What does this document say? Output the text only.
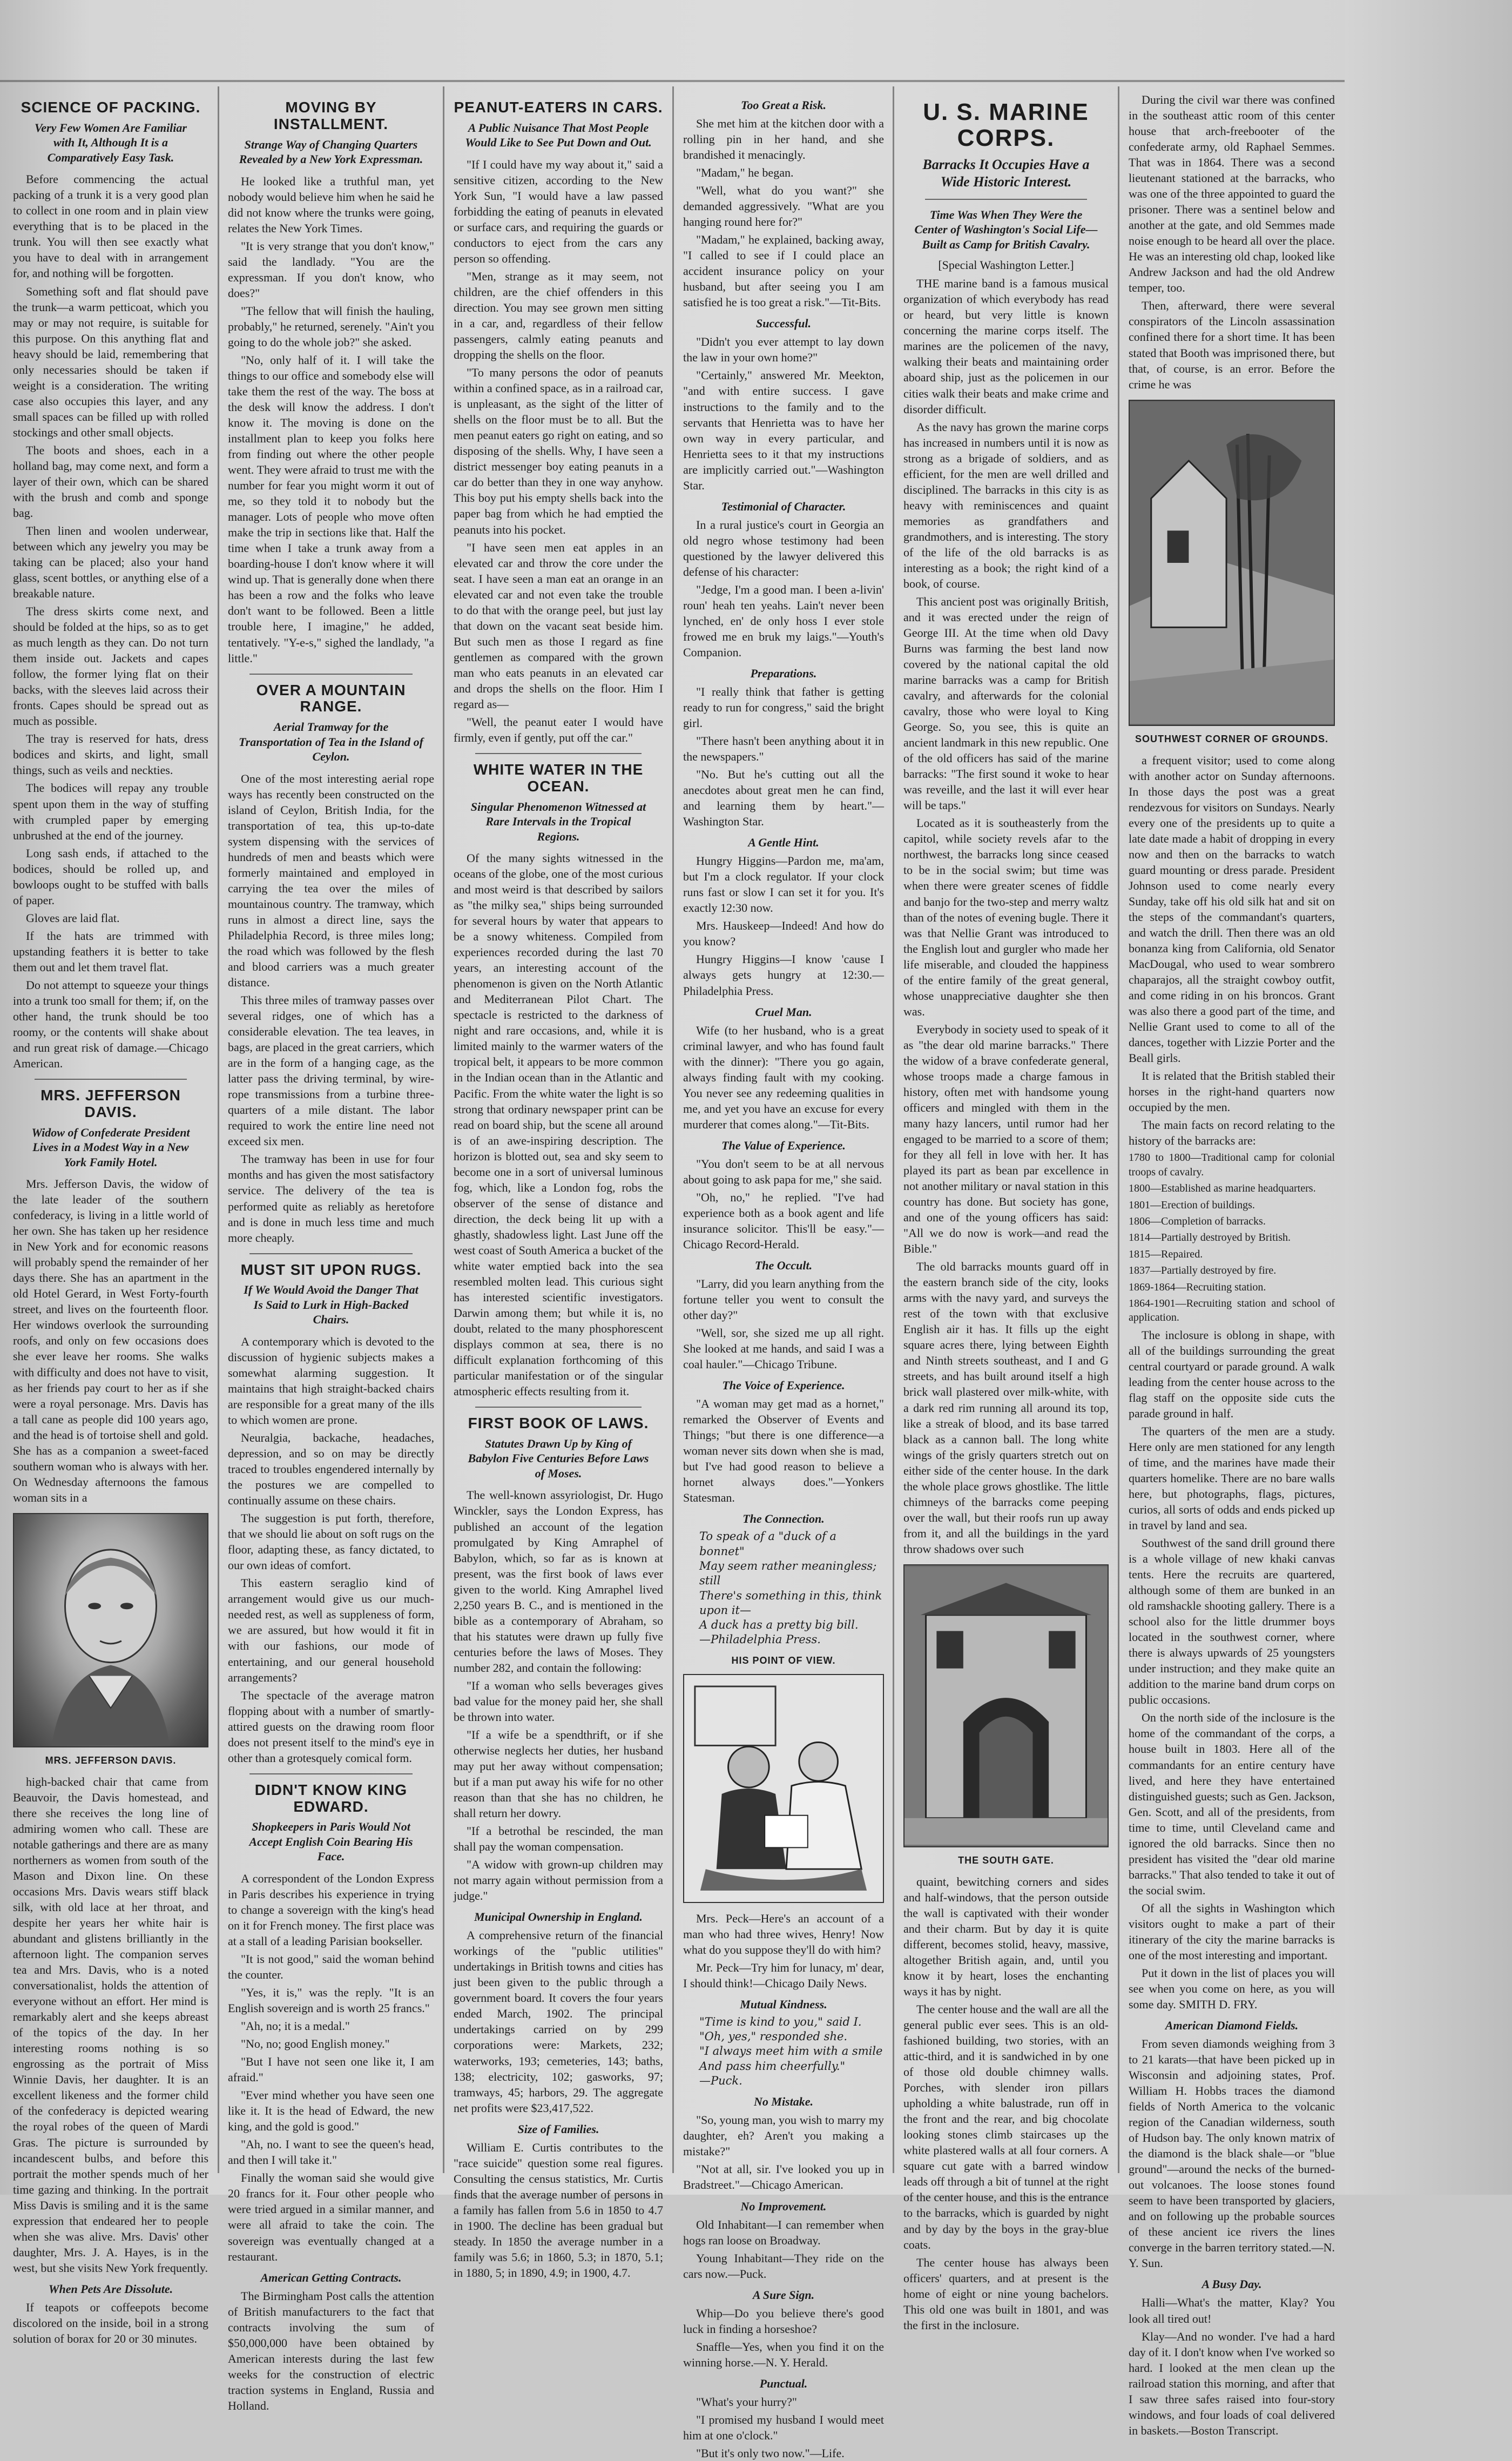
SCIENCE OF PACKING.
Very Few Women Are Familiar with It, Although It is a Comparatively Easy Task.

Before commencing the actual packing of a trunk it is a very good plan to collect in one room and in plain view everything that is to be placed in the trunk. You will then see exactly what you have to deal with in arrangement for, and nothing will be forgotten.

Something soft and flat should pave the trunk—a warm petticoat, which you may or may not require, is suitable for this purpose. On this anything flat and heavy should be laid, remembering that only necessaries should be taken if weight is a consideration. The writing case also occupies this layer, and any small spaces can be filled up with rolled stockings and other small objects.

The boots and shoes, each in a holland bag, may come next, and form a layer of their own, which can be shared with the brush and comb and sponge bag.

Then linen and woolen underwear, between which any jewelry you may be taking can be placed; also your hand glass, scent bottles, or anything else of a breakable nature.

The dress skirts come next, and should be folded at the hips, so as to get as much length as they can. Do not turn them inside out. Jackets and capes follow, the former lying flat on their backs, with the sleeves laid across their fronts. Capes should be spread out as much as possible.

The tray is reserved for hats, dress bodices and skirts, and light, small things, such as veils and neckties.

The bodices will repay any trouble spent upon them in the way of stuffing with crumpled paper by emerging unbrushed at the end of the journey.

Long sash ends, if attached to the bodices, should be rolled up, and bowloops ought to be stuffed with balls of paper.

Gloves are laid flat.

If the hats are trimmed with upstanding feathers it is better to take them out and let them travel flat.

Do not attempt to squeeze your things into a trunk too small for them; if, on the other hand, the trunk should be too roomy, or the contents will shake about and run great risk of damage.—Chicago American.

MRS. JEFFERSON DAVIS.
Widow of Confederate President Lives in a Modest Way in a New York Family Hotel.

Mrs. Jefferson Davis, the widow of the late leader of the southern confederacy, is living in a little world of her own. She has taken up her residence in New York and for economic reasons will probably spend the remainder of her days there. She has an apartment in the old Hotel Gerard, in West Forty-fourth street, and lives on the fourteenth floor. Her windows overlook the surrounding roofs, and only on few occasions does she ever leave her rooms. She walks with difficulty and does not have to visit, as her friends pay court to her as if she were a royal personage. Mrs. Davis has a tall cane as people did 100 years ago, and the head is of tortoise shell and gold. She has as a companion a sweet-faced southern woman who is always with her. On Wednesday afternoons the famous woman sits in a

MRS. JEFFERSON DAVIS.

high-backed chair that came from Beauvoir, the Davis homestead, and there she receives the long line of admiring women who call. These are notable gatherings and there are as many northerners as women from south of the Mason and Dixon line. On these occasions Mrs. Davis wears stiff black silk, with old lace at her throat, and despite her years her white hair is abundant and glistens brilliantly in the afternoon light. The companion serves tea and Mrs. Davis, who is a noted conversationalist, holds the attention of everyone without an effort. Her mind is remarkably alert and she keeps abreast of the topics of the day. In her interesting rooms nothing is so engrossing as the portrait of Miss Winnie Davis, her daughter. It is an excellent likeness and the former child of the confederacy is depicted wearing the royal robes of the queen of Mardi Gras. The picture is surrounded by incandescent bulbs, and before this portrait the mother spends much of her time gazing and thinking. In the portrait Miss Davis is smiling and it is the same expression that endeared her to people when she was alive. Mrs. Davis' other daughter, Mrs. J. A. Hayes, is in the west, but she visits New York frequently.

When Pets Are Dissolute.

If teapots or coffeepots become discolored on the inside, boil in a strong solution of borax for 20 or 30 minutes.

MOVING BY INSTALLMENT.
Strange Way of Changing Quarters Revealed by a New York Expressman.

He looked like a truthful man, yet nobody would believe him when he said he did not know where the trunks were going, relates the New York Times.

"It is very strange that you don't know," said the landlady. "You are the expressman. If you don't know, who does?"

"The fellow that will finish the hauling, probably," he returned, serenely. "Ain't you going to do the whole job?" she asked.

"No, only half of it. I will take the things to our office and somebody else will take them the rest of the way. The boss at the desk will know the address. I don't know it. The moving is done on the installment plan to keep you folks here from finding out where the other people went. They were afraid to trust me with the number for fear you might worm it out of me, so they told it to nobody but the manager. Lots of people who move often make the trip in sections like that. Half the time when I take a trunk away from a boarding-house I don't know where it will wind up. That is generally done when there has been a row and the folks who leave don't want to be followed. Been a little trouble here, I imagine," he added, tentatively. "Y-e-s," sighed the landlady, "a little."

OVER A MOUNTAIN RANGE.
Aerial Tramway for the Transportation of Tea in the Island of Ceylon.

One of the most interesting aerial rope ways has recently been constructed on the island of Ceylon, British India, for the transportation of tea, this up-to-date system dispensing with the services of hundreds of men and beasts which were formerly maintained and employed in carrying the tea over the miles of mountainous country. The tramway, which runs in almost a direct line, says the Philadelphia Record, is three miles long; the road which was followed by the flesh and blood carriers was a much greater distance.

This three miles of tramway passes over several ridges, one of which has a considerable elevation. The tea leaves, in bags, are placed in the great carriers, which are in the form of a hanging cage, as the latter pass the driving terminal, by wire-rope transmissions from a turbine three-quarters of a mile distant. The labor required to work the entire line need not exceed six men.

The tramway has been in use for four months and has given the most satisfactory service. The delivery of the tea is performed quite as reliably as heretofore and is done in much less time and much more cheaply.

MUST SIT UPON RUGS.
If We Would Avoid the Danger That Is Said to Lurk in High-Backed Chairs.

A contemporary which is devoted to the discussion of hygienic subjects makes a somewhat alarming suggestion. It maintains that high straight-backed chairs are responsible for a great many of the ills to which women are prone.

Neuralgia, backache, headaches, depression, and so on may be directly traced to troubles engendered internally by the postures we are compelled to continually assume on these chairs.

The suggestion is put forth, therefore, that we should lie about on soft rugs on the floor, adapting these, as fancy dictated, to our own ideas of comfort.

This eastern seraglio kind of arrangement would give us our much-needed rest, as well as suppleness of form, we are assured, but how would it fit in with our fashions, our mode of entertaining, and our general household arrangements?

The spectacle of the average matron flopping about with a number of smartly-attired guests on the drawing room floor does not present itself to the mind's eye in other than a grotesquely comical form.

DIDN'T KNOW KING EDWARD.
Shopkeepers in Paris Would Not Accept English Coin Bearing His Face.

A correspondent of the London Express in Paris describes his experience in trying to change a sovereign with the king's head on it for French money. The first place was at a stall of a leading Parisian bookseller.

"It is not good," said the woman behind the counter.

"Yes, it is," was the reply. "It is an English sovereign and is worth 25 francs."

"Ah, no; it is a medal."

"No, no; good English money."

"But I have not seen one like it, I am afraid."

"Ever mind whether you have seen one like it. It is the head of Edward, the new king, and the gold is good."

"Ah, no. I want to see the queen's head, and then I will take it."

Finally the woman said she would give 20 francs for it. Four other people who were tried argued in a similar manner, and were all afraid to take the coin. The sovereign was eventually changed at a restaurant.

American Getting Contracts.

The Birmingham Post calls the attention of British manufacturers to the fact that contracts involving the sum of $50,000,000 have been obtained by American interests during the last few weeks for the construction of electric traction systems in England, Russia and Holland.

PEANUT-EATERS IN CARS.
A Public Nuisance That Most People Would Like to See Put Down and Out.

"If I could have my way about it," said a sensitive citizen, according to the New York Sun, "I would have a law passed forbidding the eating of peanuts in elevated or surface cars, and requiring the guards or conductors to eject from the cars any person so offending.

"Men, strange as it may seem, not children, are the chief offenders in this direction. You may see grown men sitting in a car, and, regardless of their fellow passengers, calmly eating peanuts and dropping the shells on the floor.

"To many persons the odor of peanuts within a confined space, as in a railroad car, is unpleasant, as the sight of the litter of shells on the floor must be to all. But the men peanut eaters go right on eating, and so disposing of the shells. Why, I have seen a district messenger boy eating peanuts in a car do better than they in one way anyhow. This boy put his empty shells back into the paper bag from which he had emptied the peanuts into his pocket.

"I have seen men eat apples in an elevated car and throw the core under the seat. I have seen a man eat an orange in an elevated car and not even take the trouble to do that with the orange peel, but just lay that down on the vacant seat beside him. But such men as those I regard as fine gentlemen as compared with the grown man who eats peanuts in an elevated car and drops the shells on the floor. Him I regard as—

"Well, the peanut eater I would have firmly, even if gently, put off the car."

WHITE WATER IN THE OCEAN.
Singular Phenomenon Witnessed at Rare Intervals in the Tropical Regions.

Of the many sights witnessed in the oceans of the globe, one of the most curious and most weird is that described by sailors as "the milky sea," ships being surrounded for several hours by water that appears to be a snowy whiteness. Compiled from experiences recorded during the last 70 years, an interesting account of the phenomenon is given on the North Atlantic and Mediterranean Pilot Chart. The spectacle is restricted to the darkness of night and rare occasions, and, while it is limited mainly to the warmer waters of the tropical belt, it appears to be more common in the Indian ocean than in the Atlantic and Pacific. From the white water the light is so strong that ordinary newspaper print can be read on board ship, but the scene all around is of an awe-inspiring description. The horizon is blotted out, sea and sky seem to become one in a sort of universal luminous fog, which, like a London fog, robs the observer of the sense of distance and direction, the deck being lit up with a ghastly, shadowless light. Last June off the west coast of South America a bucket of the white water emptied back into the sea resembled molten lead. This curious sight has interested scientific investigators. Darwin among them; but while it is, no doubt, related to the many phosphorescent displays common at sea, there is no difficult explanation forthcoming of this particular manifestation or of the singular atmospheric effects resulting from it.

FIRST BOOK OF LAWS.
Statutes Drawn Up by King of Babylon Five Centuries Before Laws of Moses.

The well-known assyriologist, Dr. Hugo Winckler, says the London Express, has published an account of the legation promulgated by King Amraphel of Babylon, which, so far as is known at present, was the first book of laws ever given to the world. King Amraphel lived 2,250 years B. C., and is mentioned in the bible as a contemporary of Abraham, so that his statutes were drawn up fully five centuries before the laws of Moses. They number 282, and contain the following:

"If a woman who sells beverages gives bad value for the money paid her, she shall be thrown into water.

"If a wife be a spendthrift, or if she otherwise neglects her duties, her husband may put her away without compensation; but if a man put away his wife for no other reason than that she has no children, he shall return her dowry.

"If a betrothal be rescinded, the man shall pay the woman compensation.

"A widow with grown-up children may not marry again without permission from a judge."

Municipal Ownership in England.

A comprehensive return of the financial workings of the "public utilities" undertakings in British towns and cities has just been given to the public through a government board. It covers the four years ended March, 1902. The principal undertakings carried on by 299 corporations were: Markets, 232; waterworks, 193; cemeteries, 143; baths, 138; electricity, 102; gasworks, 97; tramways, 45; harbors, 29. The aggregate net profits were $23,417,522.

Size of Families.

William E. Curtis contributes to the "race suicide" question some real figures. Consulting the census statistics, Mr. Curtis finds that the average number of persons in a family has fallen from 5.6 in 1850 to 4.7 in 1900. The decline has been gradual but steady. In 1850 the average number in a family was 5.6; in 1860, 5.3; in 1870, 5.1; in 1880, 5; in 1890, 4.9; in 1900, 4.7.

Too Great a Risk.

She met him at the kitchen door with a rolling pin in her hand, and she brandished it menacingly.

"Madam," he began.

"Well, what do you want?" she demanded aggressively. "What are you hanging round here for?"

"Madam," he explained, backing away, "I called to see if I could place an accident insurance policy on your husband, but after seeing you I am satisfied he is too great a risk."—Tit-Bits.

Successful.

"Didn't you ever attempt to lay down the law in your own home?"

"Certainly," answered Mr. Meekton, "and with entire success. I gave instructions to the family and to the servants that Henrietta was to have her own way in every particular, and Henrietta sees to it that my instructions are implicitly carried out."—Washington Star.

Testimonial of Character.

In a rural justice's court in Georgia an old negro whose testimony had been questioned by the lawyer delivered this defense of his character:

"Jedge, I'm a good man. I been a-livin' roun' heah ten yeahs. Lain't never been lynched, en' de only hoss I ever stole frowed me en bruk my laigs."—Youth's Companion.

Preparations.

"I really think that father is getting ready to run for congress," said the bright girl.

"There hasn't been anything about it in the newspapers."

"No. But he's cutting out all the anecdotes about great men he can find, and learning them by heart."—Washington Star.

A Gentle Hint.

Hungry Higgins—Pardon me, ma'am, but I'm a clock regulator. If your clock runs fast or slow I can set it for you. It's exactly 12:30 now.

Mrs. Hauskeep—Indeed! And how do you know?

Hungry Higgins—I know 'cause I always gets hungry at 12:30.—Philadelphia Press.

Cruel Man.

Wife (to her husband, who is a great criminal lawyer, and who has found fault with the dinner): "There you go again, always finding fault with my cooking. You never see any redeeming qualities in me, and yet you have an excuse for every murderer that comes along."—Tit-Bits.

The Value of Experience.

"You don't seem to be at all nervous about going to ask papa for me," she said.

"Oh, no," he replied. "I've had experience both as a book agent and life insurance solicitor. This'll be easy."—Chicago Record-Herald.

The Occult.

"Larry, did you learn anything from the fortune teller you went to consult the other day?"

"Well, sor, she sized me up all right. She looked at me hands, and said I was a coal hauler."—Chicago Tribune.

The Voice of Experience.

"A woman may get mad as a hornet," remarked the Observer of Events and Things; "but there is one difference—a woman never sits down when she is mad, but I've had good reason to believe a hornet always does."—Yonkers Statesman.

The Connection.
To speak of a "duck of a bonnet"
May seem rather meaningless; still
There's something in this, think upon it—
A duck has a pretty big bill.
—Philadelphia Press.
HIS POINT OF VIEW.

Mrs. Peck—Here's an account of a man who had three wives, Henry! Now what do you suppose they'll do with him?

Mr. Peck—Try him for lunacy, m' dear, I should think!—Chicago Daily News.

Mutual Kindness.
"Time is kind to you," said I.
"Oh, yes," responded she.
"I always meet him with a smile
And pass him cheerfully."
—Puck.
No Mistake.

"So, young man, you wish to marry my daughter, eh? Aren't you making a mistake?"

"Not at all, sir. I've looked you up in Bradstreet."—Chicago American.

No Improvement.

Old Inhabitant—I can remember when hogs ran loose on Broadway.

Young Inhabitant—They ride on the cars now.—Puck.

A Sure Sign.

Whip—Do you believe there's good luck in finding a horseshoe?

Snaffle—Yes, when you find it on the winning horse.—N. Y. Herald.

Punctual.

"What's your hurry?"

"I promised my husband I would meet him at one o'clock."

"But it's only two now."—Life.

U. S. MARINE CORPS.
Barracks It Occupies Have a Wide Historic Interest.
Time Was When They Were the Center of Washington's Social Life—Built as Camp for British Cavalry.
[Special Washington Letter.]

THE marine band is a famous musical organization of which everybody has read or heard, but very little is known concerning the marine corps itself. The marines are the policemen of the navy, walking their beats and maintaining order aboard ship, just as the policemen in our cities walk their beats and make crime and disorder difficult.

As the navy has grown the marine corps has increased in numbers until it is now as strong as a brigade of soldiers, and as efficient, for the men are well drilled and disciplined. The barracks in this city is as heavy with reminiscences and quaint memories as grandfathers and grandmothers, and is interesting. The story of the life of the old barracks is as interesting as a book; the right kind of a book, of course.

This ancient post was originally British, and it was erected under the reign of George III. At the time when old Davy Burns was farming the best land now covered by the national capital the old marine barracks was a camp for British cavalry, and afterwards for the colonial cavalry, those who were loyal to King George. So, you see, this is quite an ancient landmark in this new republic. One of the old officers has said of the marine barracks: "The first sound it woke to hear was reveille, and the last it will ever hear will be taps."

Located as it is southeasterly from the capitol, while society revels afar to the northwest, the barracks long since ceased to be in the social swim; but time was when there were greater scenes of fiddle and banjo for the two-step and merry waltz than of the notes of evening bugle. There it was that Nellie Grant was introduced to the English lout and gurgler who made her life miserable, and clouded the happiness of the entire family of the great general, whose unappreciative daughter she then was.

Everybody in society used to speak of it as "the dear old marine barracks." There the widow of a brave confederate general, whose troops made a charge famous in history, often met with handsome young officers and mingled with them in the many hazy lancers, until rumor had her engaged to be married to a score of them; for they all fell in love with her. It has played its part as bean par excellence in not another military or naval station in this country has done. But society has gone, and one of the young officers has said: "All we do now is work—and read the Bible."

The old barracks mounts guard off in the eastern branch side of the city, looks arms with the navy yard, and surveys the rest of the town with that exclusive English air it has. It fills up the eight square acres there, lying between Eighth and Ninth streets southeast, and I and G streets, and has built around itself a high brick wall plastered over milk-white, with a dark red rim running all around its top, like a streak of blood, and its base tarred black as a cannon ball. The long white wings of the grisly quarters stretch out on either side of the center house. In the dark the whole place grows ghostlike. The little chimneys of the barracks come peeping over the wall, but their roofs run up away from it, and all the buildings in the yard throw shadows over such

THE SOUTH GATE.

quaint, bewitching corners and sides and half-windows, that the person outside the wall is captivated with their wonder and their charm. But by day it is quite different, becomes stolid, heavy, massive, altogether British again, and, until you know it by heart, loses the enchanting ways it has by night.

The center house and the wall are all the general public ever sees. This is an old-fashioned building, two stories, with an attic-third, and it is sandwiched in by one of those old double chimney walls. Porches, with slender iron pillars upholding a white balustrade, run off in the front and the rear, and big chocolate looking stones climb staircases up the white plastered walls at all four corners. A square cut gate with a barred window leads off through a bit of tunnel at the right of the center house, and this is the entrance to the barracks, which is guarded by night and by day by the boys in the gray-blue coats.

The center house has always been officers' quarters, and at present is the home of eight or nine young bachelors. This old one was built in 1801, and was the first in the inclosure.

During the civil war there was confined in the southeast attic room of this center house that arch-freebooter of the confederate army, old Raphael Semmes. That was in 1864. There was a second lieutenant stationed at the barracks, who was one of the three appointed to guard the prisoner. There was a sentinel below and another at the gate, and old Semmes made noise enough to be heard all over the place. He was an interesting old chap, looked like Andrew Jackson and had the old Andrew temper, too.

Then, afterward, there were several conspirators of the Lincoln assassination confined there for a short time. It has been stated that Booth was imprisoned there, but that, of course, is an error. Before the crime he was

SOUTHWEST CORNER OF GROUNDS.

a frequent visitor; used to come along with another actor on Sunday afternoons. In those days the post was a great rendezvous for visitors on Sundays. Nearly every one of the presidents up to quite a late date made a habit of dropping in every now and then on the barracks to watch guard mounting or dress parade. President Johnson used to come nearly every Sunday, take off his old silk hat and sit on the steps of the commandant's quarters, and watch the drill. Then there was an old bonanza king from California, old Senator MacDougal, who used to wear sombrero chaparajos, all the straight cowboy outfit, and come riding in on his broncos. Grant was also there a good part of the time, and Nellie Grant used to come to all of the dances, together with Lizzie Porter and the Beall girls.

It is related that the British stabled their horses in the right-hand quarters now occupied by the men.

The main facts on record relating to the history of the barracks are:

1780 to 1800—Traditional camp for colonial troops of cavalry.

1800—Established as marine headquarters.

1801—Erection of buildings.

1806—Completion of barracks.

1814—Partially destroyed by British.

1815—Repaired.

1837—Partially destroyed by fire.

1869-1864—Recruiting station.

1864-1901—Recruiting station and school of application.

The inclosure is oblong in shape, with all of the buildings surrounding the great central courtyard or parade ground. A walk leading from the center house across to the flag staff on the opposite side cuts the parade ground in half.

The quarters of the men are a study. Here only are men stationed for any length of time, and the marines have made their quarters homelike. There are no bare walls here, but photographs, flags, pictures, curios, all sorts of odds and ends picked up in travel by land and sea.

Southwest of the sand drill ground there is a whole village of new khaki canvas tents. Here the recruits are quartered, although some of them are bunked in an old ramshackle shooting gallery. There is a school also for the little drummer boys located in the southwest corner, where there is always upwards of 25 youngsters under instruction; and they make quite an addition to the marine band drum corps on public occasions.

On the north side of the inclosure is the home of the commandant of the corps, a house built in 1803. Here all of the commandants for an entire century have lived, and here they have entertained distinguished guests; such as Gen. Jackson, Gen. Scott, and all of the presidents, from time to time, until Cleveland came and ignored the old barracks. Since then no president has visited the "dear old marine barracks." That also tended to take it out of the social swim.

Of all the sights in Washington which visitors ought to make a part of their itinerary of the city the marine barracks is one of the most interesting and important.

Put it down in the list of places you will see when you come on here, as you will some day. SMITH D. FRY.

American Diamond Fields.

From seven diamonds weighing from 3 to 21 karats—that have been picked up in Wisconsin and adjoining states, Prof. William H. Hobbs traces the diamond fields of North America to the volcanic region of the Canadian wilderness, south of Hudson bay. The only known matrix of the diamond is the black shale—or "blue ground"—around the necks of the burned-out volcanoes. The loose stones found seem to have been transported by glaciers, and on following up the probable sources of these ancient ice rivers the lines converge in the barren territory stated.—N. Y. Sun.

A Busy Day.

Halli—What's the matter, Klay? You look all tired out!

Klay—And no wonder. I've had a hard day of it. I don't know when I've worked so hard. I looked at the men clean up the railroad station this morning, and after that I saw three safes raised into four-story windows, and four loads of coal delivered in baskets.—Boston Transcript.
